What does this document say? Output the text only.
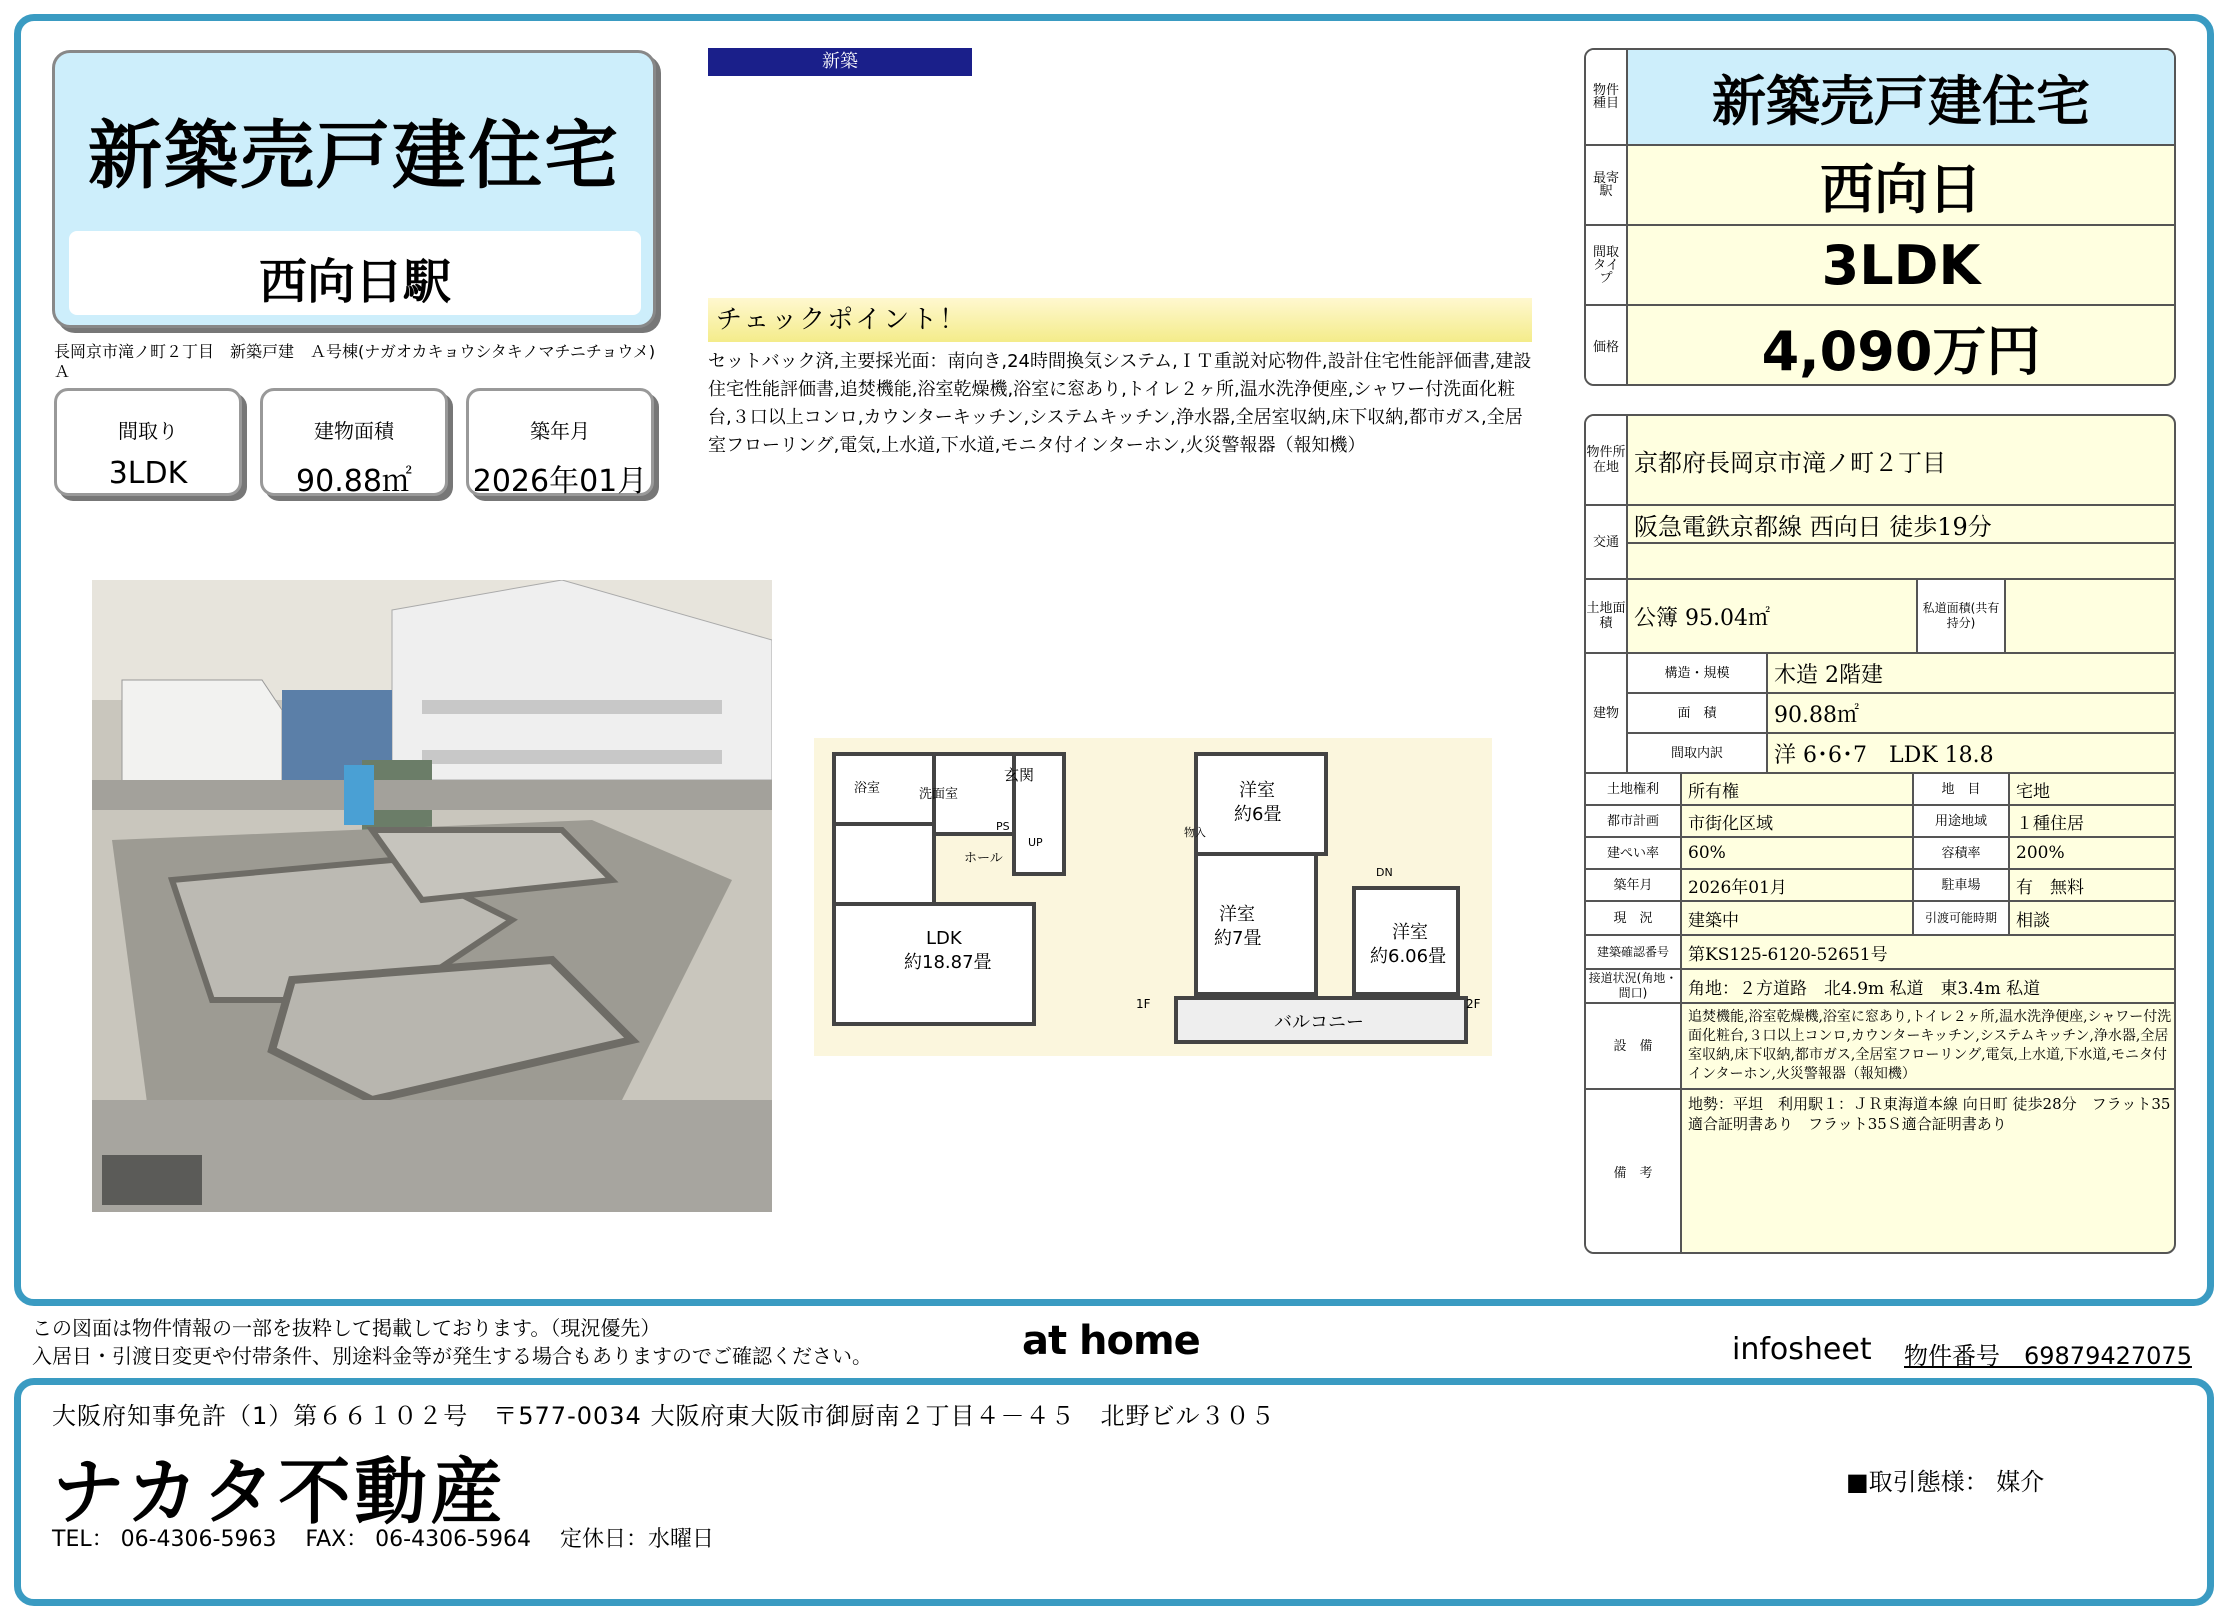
新築売戸建住宅
西向日駅
長岡京市滝ノ町２丁目　新築戸建　Ａ号棟(ナガオカキョウシタキノマチニチョウメ)　Ａ
間取り
3LDK
建物面積
90.88㎡
築年月
2026年01月
新築
チェックポイント！
セットバック済,主要採光面：南向き,24時間換気システム,ＩＴ重説対応物件,設計住宅性能評価書,建設住宅性能評価書,追焚機能,浴室乾燥機,浴室に窓あり,トイレ２ヶ所,温水洗浄便座,シャワー付洗面化粧台,３口以上コンロ,カウンターキッチン,システムキッチン,浄水器,全居室収納,床下収納,都市ガス,全居室フローリング,電気,上水道,下水道,モニタ付インターホン,火災警報器（報知機）
浴室	洗面室
玄関
ホール
LDK
約18.87畳
1F
PS
UP
洋室
約6畳
洋室
約7畳	洋室
約6.06畳
バルコニー
2F
DN
物入
物件種目	新築売戸建住宅
最寄駅	西向日
間取タイプ	3LDK
価格	4,090万円
物件所在地 京都府長岡京市滝ノ町２丁目
交通
阪急電鉄京都線 西向日 徒歩19分
土地面積 公簿 95.04㎡	私道面積(共有持分)
建物
構造・規模	木造 2階建
面　積	90.88㎡
間取内訳	洋 6･6･7　LDK 18.8
土地権利	所有権	地　目	宅地
都市計画	市街化区域	用途地域	１種住居
建ぺい率	60%	容積率	200%
築年月	2026年01月	駐車場	有　無料
現　況	建築中	引渡可能時期	相談
建築確認番号	第KS125-6120-52651号
接道状況(角地・間口)	角地：２方道路　北4.9m 私道　東3.4m 私道
設　備
追焚機能,浴室乾燥機,浴室に窓あり,トイレ２ヶ所,温水洗浄便座,シャワー付洗面化粧台,３口以上コンロ,カウンターキッチン,システムキッチン,浄水器,全居室収納,床下収納,都市ガス,全居室フローリング,電気,上水道,下水道,モニタ付インターホン,火災警報器（報知機）
備　考
地勢：平坦　利用駅１：ＪＲ東海道本線 向日町 徒歩28分　フラット35適合証明書あり　フラット35Ｓ適合証明書あり
この図面は物件情報の一部を抜粋して掲載しております。（現況優先）
入居日・引渡日変更や付帯条件、別途料金等が発生する場合もありますのでご確認ください。	at home	infosheet 物件番号　69879427075
大阪府知事免許（1）第６６１０２号　〒577-0034 大阪府東大阪市御厨南２丁目４－４５　北野ビル３０５
ナカタ不動産
TEL： 06-4306-5963　 FAX： 06-4306-5964　 定休日：水曜日
■取引態様： 媒介
